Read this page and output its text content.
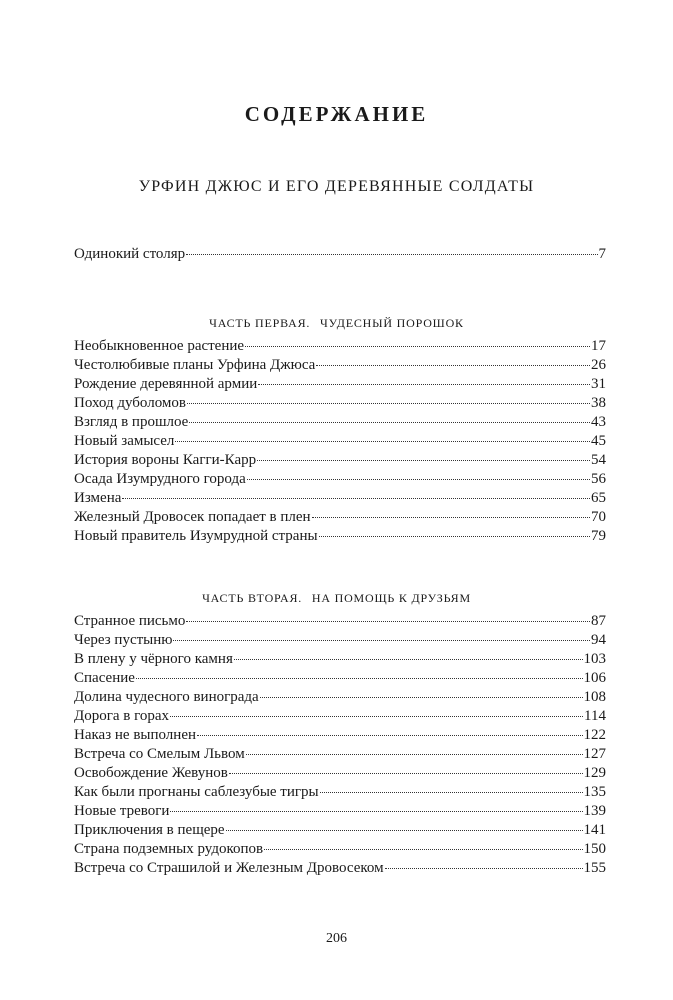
СОДЕРЖАНИЕ
УРФИН ДЖЮС И ЕГО ДЕРЕВЯННЫЕ СОЛДАТЫ
Одинокий столяр	7
ЧАСТЬ ПЕРВАЯ. ЧУДЕСНЫЙ ПОРОШОК
Необыкновенное растение	17
Честолюбивые планы Урфина Джюса	26
Рождение деревянной армии	31
Поход дуболомов	38
Взгляд в прошлое	43
Новый замысел	45
История вороны Кагги-Карр	54
Осада Изумрудного города	56
Измена	65
Железный Дровосек попадает в плен	70
Новый правитель Изумрудной страны	79
ЧАСТЬ ВТОРАЯ. НА ПОМОЩЬ К ДРУЗЬЯМ
Странное письмо	87
Через пустыню	94
В плену у чёрного камня	103
Спасение	106
Долина чудесного винограда	108
Дорога в горах	114
Наказ не выполнен	122
Встреча со Смелым Львом	127
Освобождение Жевунов	129
Как были прогнаны саблезубые тигры	135
Новые тревоги	139
Приключения в пещере	141
Страна подземных рудокопов	150
Встреча со Страшилой и Железным Дровосеком	155
206
